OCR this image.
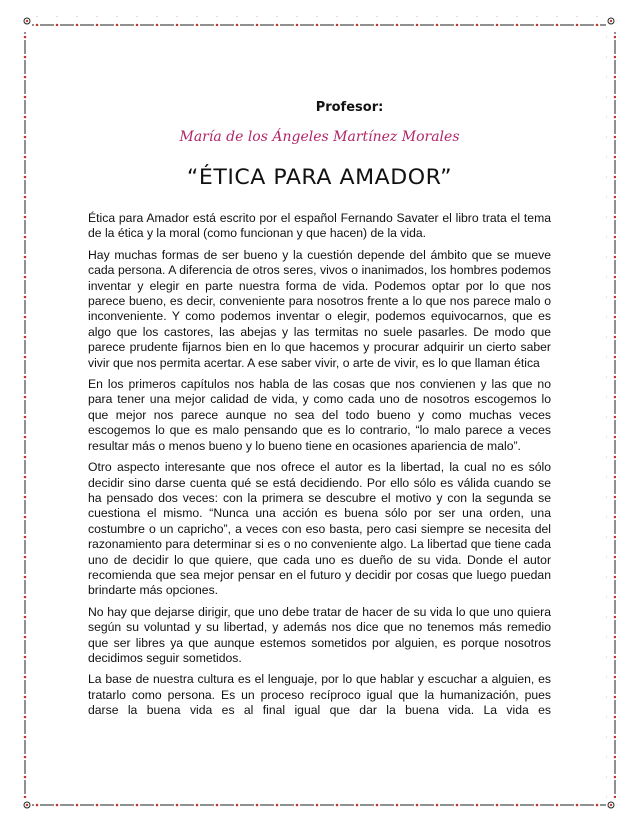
Profesor:
María de los Ángeles Martínez Morales
“ÉTICA PARA AMADOR”

Ética para Amador está escrito por el español Fernando Savater el libro trata el tema de la ética y la moral (como funcionan y que hacen) de la vida.

Hay muchas formas de ser bueno y la cuestión depende del ámbito que se mueve cada persona. A diferencia de otros seres, vivos o inanimados, los hombres podemos inventar y elegir en parte nuestra forma de vida. Podemos optar por lo que nos parece bueno, es decir, conveniente para nosotros frente a lo que nos parece malo o inconveniente. Y como podemos inventar o elegir, podemos equivocarnos, que es algo que los castores, las abejas y las termitas no suele pasarles. De modo que parece prudente fijarnos bien en lo que hacemos y procurar adquirir un cierto saber vivir que nos permita acertar. A ese saber vivir, o arte de vivir, es lo que llaman ética

En los primeros capítulos nos habla de las cosas que nos convienen y las que no para tener una mejor calidad de vida, y como cada uno de nosotros escogemos lo que mejor nos parece aunque no sea del todo bueno y como muchas veces escogemos lo que es malo pensando que es lo contrario, “lo malo parece a veces resultar más o menos bueno y lo bueno tiene en ocasiones apariencia de malo”.

Otro aspecto interesante que nos ofrece el autor es la libertad, la cual no es sólo decidir sino darse cuenta qué se está decidiendo. Por ello sólo es válida cuando se ha pensado dos veces: con la primera se descubre el motivo y con la segunda se cuestiona el mismo. “Nunca una acción es buena sólo por ser una orden, una costumbre o un capricho”, a veces con eso basta, pero casi siempre se necesita del razonamiento para determinar si es o no conveniente algo. La libertad que tiene cada uno de decidir lo que quiere, que cada uno es dueño de su vida. Donde el autor recomienda que sea mejor pensar en el futuro y decidir por cosas que luego puedan brindarte más opciones.

No hay que dejarse dirigir, que uno debe tratar de hacer de su vida lo que uno quiera según su voluntad y su libertad, y además nos dice que no tenemos más remedio que ser libres ya que aunque estemos sometidos por alguien, es porque nosotros decidimos seguir sometidos.

La base de nuestra cultura es el lenguaje, por lo que hablar y escuchar a alguien, es tratarlo como persona. Es un proceso recíproco igual que la humanización, pues darse la buena vida es al final igual que dar la buena vida. La vida es
